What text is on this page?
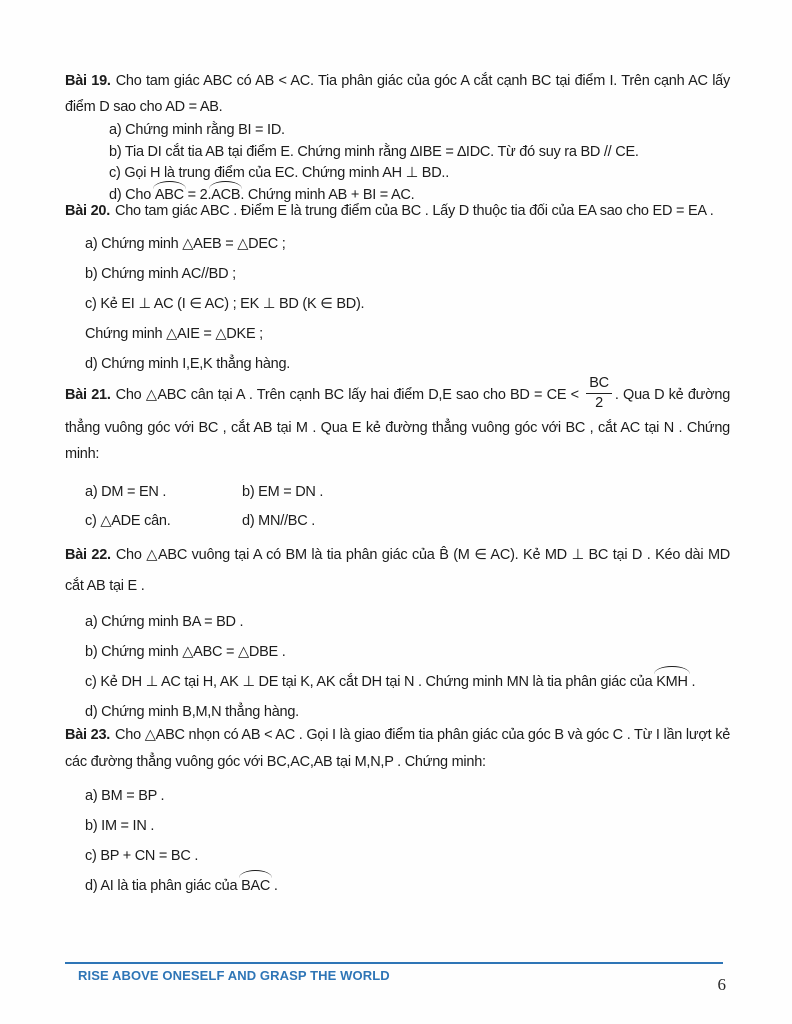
Bài 19. Cho tam giác ABC có AB < AC. Tia phân giác của góc A cắt cạnh BC tại điểm I. Trên cạnh AC lấy điểm D sao cho AD = AB.

a) Chứng minh rằng BI = ID.

b) Tia DI cắt tia AB tại điểm E. Chứng minh rằng ∆IBE = ∆IDC. Từ đó suy ra BD // CE.

c) Gọi H là trung điểm của EC. Chứng minh AH ⊥ BD..

d) Cho ABC = 2.ACB. Chứng minh AB + BI = AC.

Bài 20. Cho tam giác ABC . Điểm E là trung điểm của BC . Lấy D thuộc tia đối của EA sao cho ED = EA .

a) Chứng minh △AEB = △DEC ;

b) Chứng minh AC//BD ;

c) Kẻ EI ⊥ AC (I ∈ AC) ; EK ⊥ BD (K ∈ BD).

Chứng minh △AIE = △DKE ;

d) Chứng minh I,E,K thẳng hàng.

Bài 21. Cho △ABC cân tại A . Trên cạnh BC lấy hai điểm D,E sao cho BD = CE < $\frac{BC}{2}$ . Qua D kẻ đường thẳng vuông góc với BC , cắt AB tại M . Qua E kẻ đường thẳng vuông góc với BC , cắt AC tại N . Chứng minh:

a) DM = EN .	b) EM = DN .
c) △ADE cân.	d) MN//BC .

Bài 22. Cho △ABC vuông tại A có BM là tia phân giác của B̂ (M ∈ AC). Kẻ MD ⊥ BC tại D . Kéo dài MD cắt AB tại E .

a) Chứng minh BA = BD .

b) Chứng minh △ABC = △DBE .

c) Kẻ DH ⊥ AC tại H, AK ⊥ DE tại K, AK cắt DH tại N . Chứng minh MN là tia phân giác của KMH .

d) Chứng minh B,M,N thẳng hàng.

Bài 23. Cho △ABC nhọn có AB < AC . Gọi I là giao điểm tia phân giác của góc B và góc C . Từ I lần lượt kẻ các đường thẳng vuông góc với BC,AC,AB tại M,N,P . Chứng minh:

a) BM = BP .

b) IM = IN .

c) BP + CN = BC .

d) AI là tia phân giác của BAC .

RISE ABOVE ONESELF AND GRASP THE WORLD	6
